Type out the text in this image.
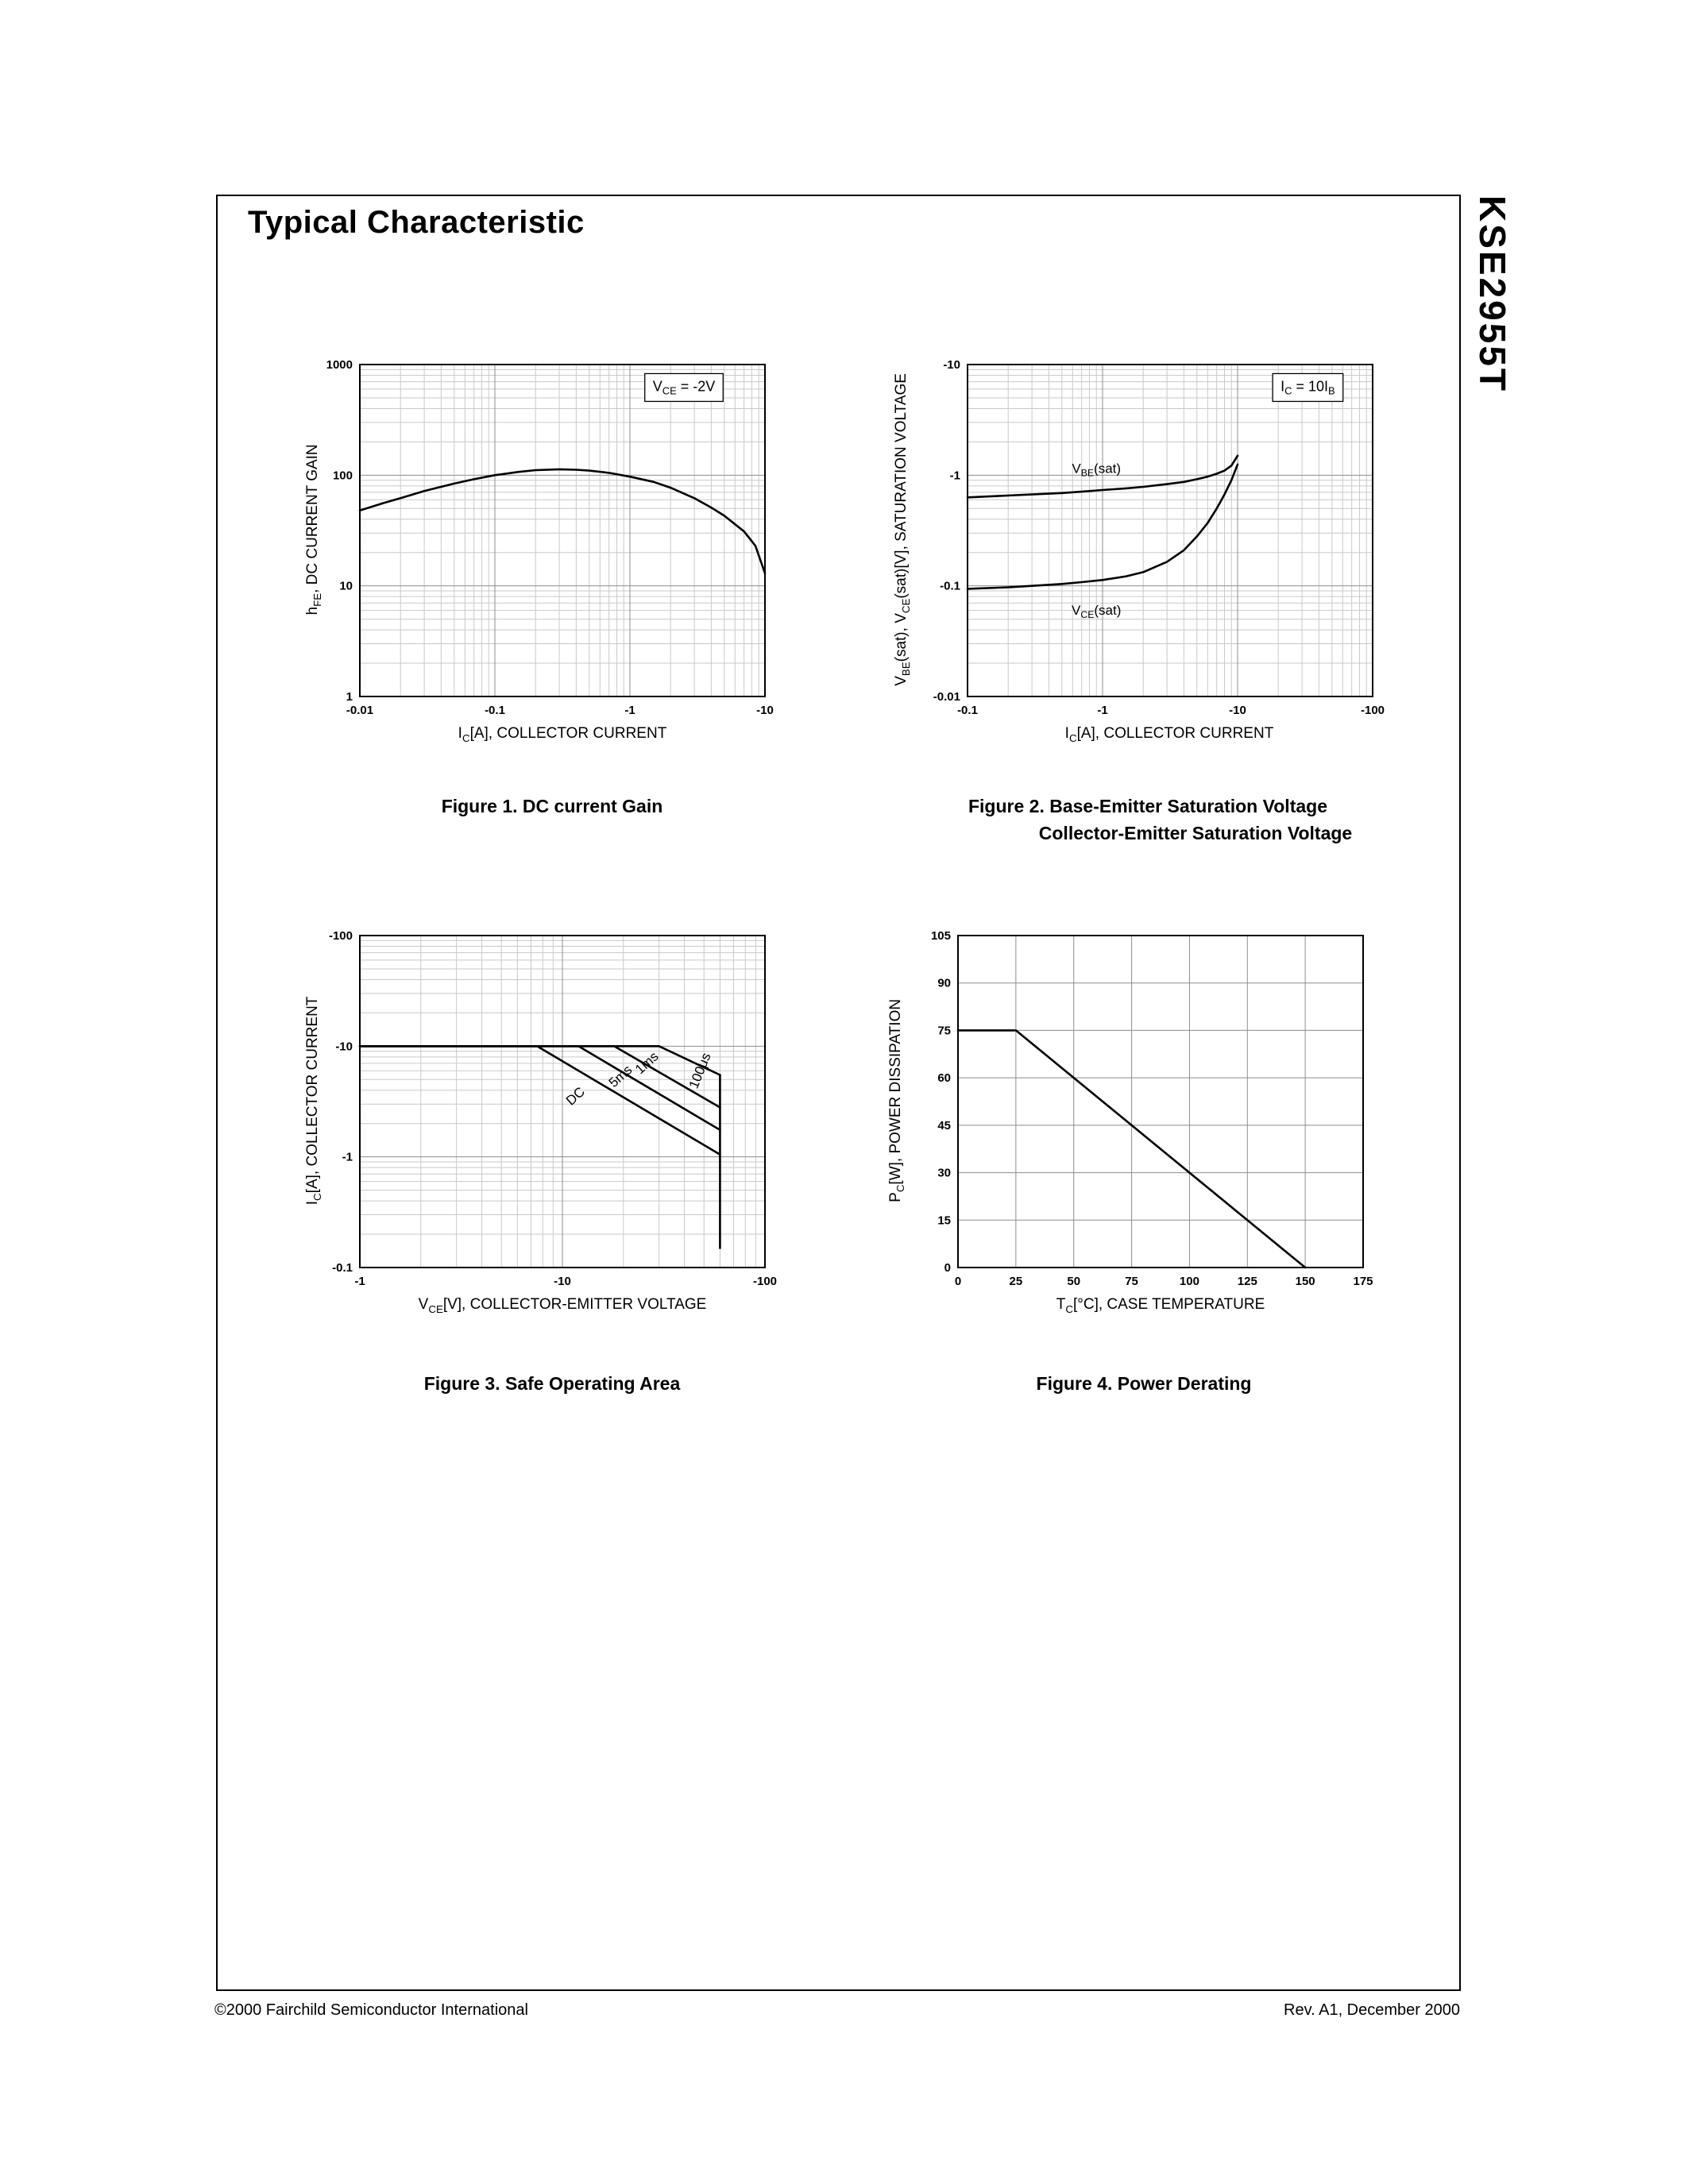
Typical Characteristic	KSE2955T
$h_{FE}$, DC CURRENT GAIN
-0.01	-0.1	-1	-10
1
10
100
1000
$V_{CE} = -2V$
$I_C[A]$, COLLECTOR CURRENT
Figure 1. DC current Gain
$V_{BE}(sat)$, $V_{CE}(sat)[V]$, SATURATION VOLTAGE
-0.1	-1	-10	-100
-0.01
-0.1
-1
-10
$V_{BE}(sat)$
$V_{CE}(sat)$
$I_C = 10I_B$
$I_C[A]$, COLLECTOR CURRENT
Figure 2. Base-Emitter Saturation Voltage
Collector-Emitter Saturation Voltage
$I_C[A]$, COLLECTOR CURRENT
-1	-10	-100
-0.1
-1
-10
-100
DC
5ms
1ms 100μs
$V_{CE}[V]$, COLLECTOR-EMITTER VOLTAGE
Figure 3. Safe Operating Area
$P_C[W]$, POWER DISSIPATION
0	25	50	75	100	125	150	175
0
15
30
45
60
75
90
105
$T_C[^\circ C]$, CASE TEMPERATURE
Figure 4. Power Derating
©2000 Fairchild Semiconductor International	Rev. A1, December 2000
